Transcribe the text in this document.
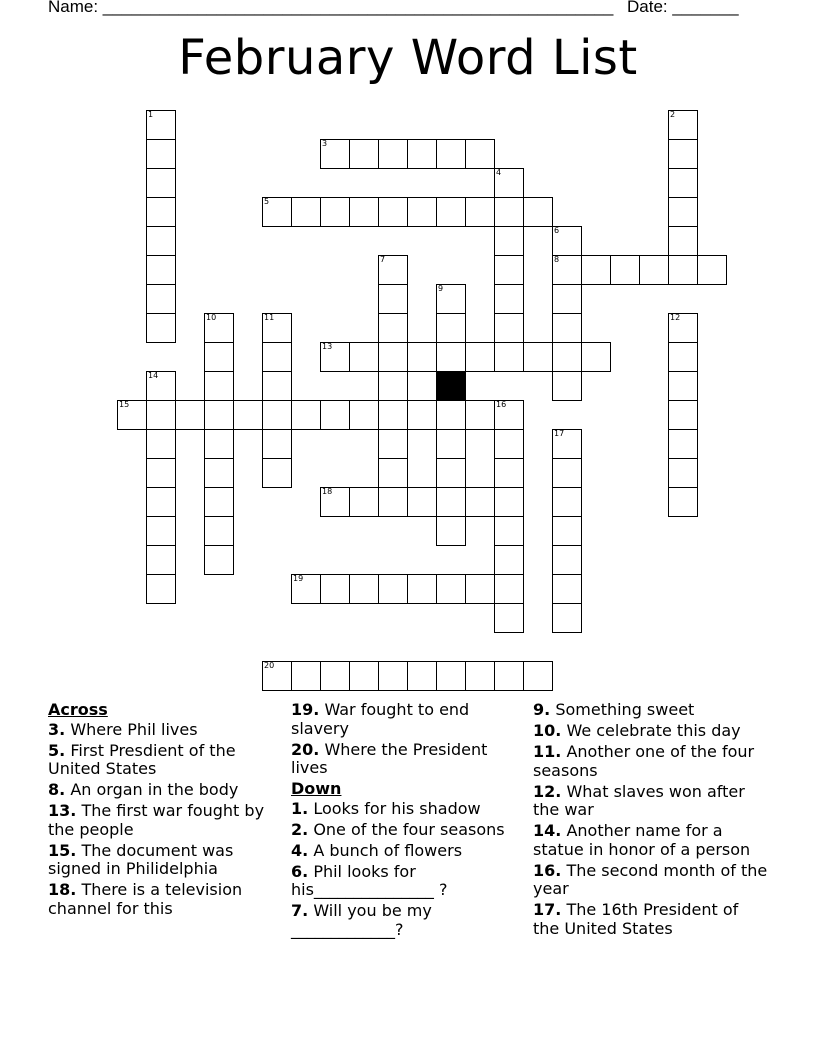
Name: ______________________________________________________ Date: _______
February Word List
1	2
3
4
5
6
7	8
9
10	11	12
13
14
15	16
17
18
19
20
Across
3. Where Phil lives
5. First Presdient of the United States
8. An organ in the body
13. The first war fought by the people
15. The document was signed in Philidelphia
18. There is a television channel for this
19. War fought to end slavery
20. Where the President lives
Down
1. Looks for his shadow
2. One of the four seasons
4. A bunch of flowers
6. Phil looks for his_______________ ?
7. Will you be my _____________?
9. Something sweet
10. We celebrate this day
11. Another one of the four seasons
12. What slaves won after the war
14. Another name for a statue in honor of a person
16. The second month of the year
17. The 16th President of the United States
